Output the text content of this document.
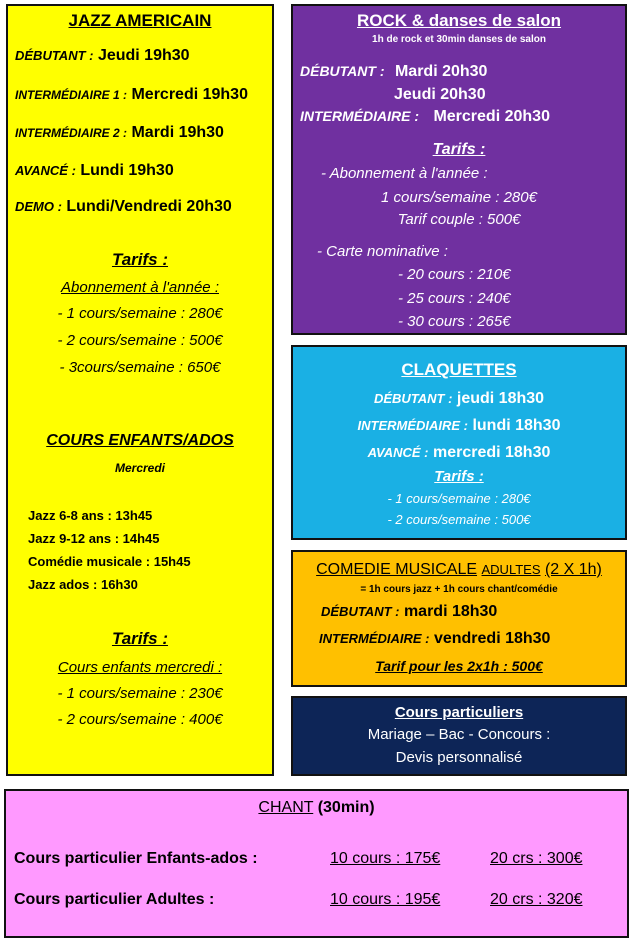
JAZZ AMERICAIN
DÉBUTANT : Jeudi 19h30
INTERMÉDIAIRE 1 : Mercredi 19h30
INTERMÉDIAIRE 2 : Mardi 19h30
AVANCÉ : Lundi 19h30
DEMO : Lundi/Vendredi 20h30
Tarifs :
Abonnement à l'année :
- 1 cours/semaine : 280€
- 2 cours/semaine : 500€
- 3cours/semaine : 650€
COURS ENFANTS/ADOS
Mercredi
Jazz 6-8 ans : 13h45
Jazz 9-12 ans : 14h45
Comédie musicale : 15h45
Jazz ados : 16h30
Tarifs :
Cours enfants mercredi :
- 1 cours/semaine : 230€
- 2 cours/semaine : 400€
ROCK & danses de salon
1h de rock et 30min danses de salon
DÉBUTANT : Mardi 20h30
Jeudi 20h30
INTERMÉDIAIRE : Mercredi 20h30
Tarifs :
- Abonnement à l'année :
1 cours/semaine : 280€
Tarif couple : 500€
- Carte nominative :
- 20 cours : 210€
- 25 cours : 240€
- 30 cours : 265€
CLAQUETTES
DÉBUTANT : jeudi 18h30
INTERMÉDIAIRE : lundi 18h30
AVANCÉ : mercredi 18h30
Tarifs :
- 1 cours/semaine : 280€
- 2 cours/semaine : 500€
COMEDIE MUSICALE ADULTES (2 X 1h)
= 1h cours jazz + 1h cours chant/comédie
DÉBUTANT : mardi 18h30
INTERMÉDIAIRE : vendredi 18h30
Tarif pour les 2x1h : 500€
Cours particuliers
Mariage – Bac - Concours :
Devis personnalisé
CHANT (30min)
Cours particulier Enfants-ados :	10 cours : 175€	20 crs : 300€
Cours particulier Adultes :	10 cours : 195€	20 crs : 320€
